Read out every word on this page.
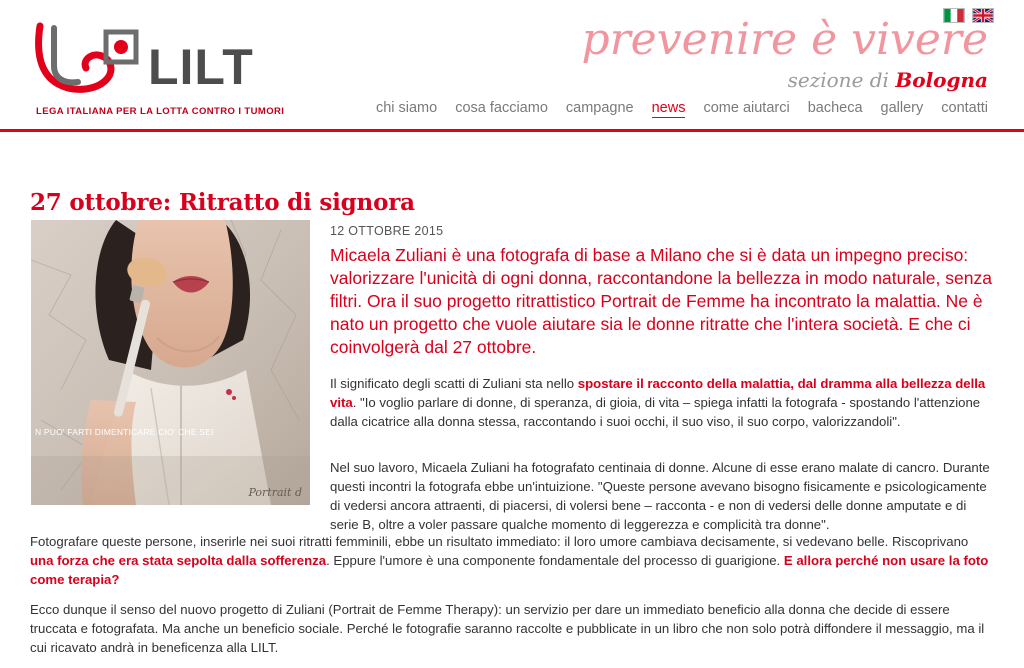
LILT
LEGA ITALIANA PER LA LOTTA CONTRO I TUMORI
prevenire è vivere
sezione di Bologna
chi siamo cosa facciamo campagne news come aiutarci bacheca gallery contatti
27 ottobre: Ritratto di signora
N PUO' FARTI DIMENTICARE CIO' CHE SEI
Portrait d
12 OTTOBRE 2015
Micaela Zuliani è una fotografa di base a Milano che si è data un impegno preciso: valorizzare l'unicità di ogni donna, raccontandone la bellezza in modo naturale, senza filtri. Ora il suo progetto ritrattistico Portrait de Femme ha incontrato la malattia. Ne è nato un progetto che vuole aiutare sia le donne ritratte che l'intera società. E che ci coinvolgerà dal 27 ottobre.
Il significato degli scatti di Zuliani sta nello spostare il racconto della malattia, dal dramma alla bellezza della vita. "Io voglio parlare di donne, di speranza, di gioia, di vita – spiega infatti la fotografa - spostando l'attenzione dalla cicatrice alla donna stessa, raccontando i suoi occhi, il suo viso, il suo corpo, valorizzandoli".
Nel suo lavoro, Micaela Zuliani ha fotografato centinaia di donne. Alcune di esse erano malate di cancro. Durante questi incontri la fotografa ebbe un'intuizione. "Queste persone avevano bisogno fisicamente e psicologicamente di vedersi ancora attraenti, di piacersi, di volersi bene – racconta - e non di vedersi delle donne amputate e di serie B, oltre a voler passare qualche momento di leggerezza e complicità tra donne".
Fotografare queste persone, inserirle nei suoi ritratti femminili, ebbe un risultato immediato: il loro umore cambiava decisamente, si vedevano belle. Riscoprivano una forza che era stata sepolta dalla sofferenza. Eppure l'umore è una componente fondamentale del processo di guarigione. E allora perché non usare la foto come terapia?
Ecco dunque il senso del nuovo progetto di Zuliani (Portrait de Femme Therapy): un servizio per dare un immediato beneficio alla donna che decide di essere truccata e fotografata. Ma anche un beneficio sociale. Perché le fotografie saranno raccolte e pubblicate in un libro che non solo potrà diffondere il messaggio, ma il cui ricavato andrà in beneficenza alla LILT.
